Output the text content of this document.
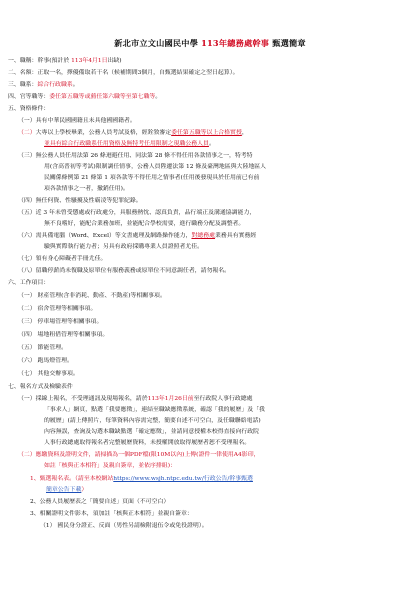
新北市立文山國民中學 113年總務處幹事 甄選簡章
一、職稱：幹事(預計於 113年4月1日出缺)
二、名額：正取一名，擇優備取若干名（候補期間3個月，自甄選結果確定之翌日起算）。
三、職系：綜合行政職系。
四、官等職等：委任第五職等或薦任第六職等至第七職等。
五、資格條件：
（一）具有中華民國國籍且未具他國國籍者。
（二）大專以上學校畢業，公務人員考試及格，經銓敘審定委任第五職等以上合格實授，
並具有綜合行政職系任用資格及無特考任用限制之現職公務人員。
（三）無公務人員任用法第 26 條迴避任用、同法第 28 條不得任用各款情事之一，特考特
用(含高普初等考試)限制調任情事，公務人員陞遷法第 12 條及臺灣地區與大陸地區人
民關係條例第 21 條第 1 項各款等不得任用之情事者(任用後發現具於任用前已有前
項各款情事之一者，撤銷任用)。
（四）無任何資、性騷擾及性霸凌等犯罪紀錄。
（五）近 3 年未曾受懲處或行政處分，具服務熱忱、認真負責，品行端正及溝通協調能力，
無不良嗜好，能配合業務加班，並能配合學校需要，進行職務分配及調整者。
（六）需具備電腦（Word、Excel）等文書處理及網路操作能力，對總務處業務具有實務經
驗與實際執行能力者；另具有政府採購專業人員證照者尤佳。
（七）領有身心障礙者手冊尤佳。
（八）留職停薪尚未復職及原單位有服務義務或原單位不同意調任者，請勿報名。
六、工作項目：
（一） 財產管理(含非消耗、動產、不動產)等相關事項。
（二） 宿舍管理等相關事項。
（三） 停車場管理等相關事項。
（四） 場地租借管理等相關事項。
（五） 節能管理。
（六） 跑馬燈管理。
（七） 其他交辦事項。
七、報名方式及檢驗表件
（一）採線上報名，不受理通訊及現場報名，請於113年1月26日前至行政院人事行政總處
「事求人」網頁，點選「我要應徵」，連結至職缺應徵系統，確認「我的履歷」及「我
的履歷」(請上傳照片，每筆資料內容需完整，簡要自述不可空白，及任職聯絡電話)
內容無誤，查詢及勾選本職缺點選「確定應徵」，並請同意授權本校得直接向行政院
人事行政總處取得報名者完整履歷資料，未授權開放取得履歷者恕不受理報名。
（二）應繳資料及證明文件，請掃描為一個PDF檔(限10M以內)上傳(證件一律使用A4影印，
如註「核與正本相符」及親自簽章，並依序排組)：
1、甄選報名表。（請至本校網站https://www.wsjh.ntpc.edu.tw/行政公告/幹事甄選
簡章公告下載）
2、公務人員履歷表之「簡要自述」頁面（不可空白）
3、相關證明文件影本，須加註「核與正本相符」並親自簽章：
（1） 國民身分證正、反面（男性另請檢附退伍令或免役證明）。
